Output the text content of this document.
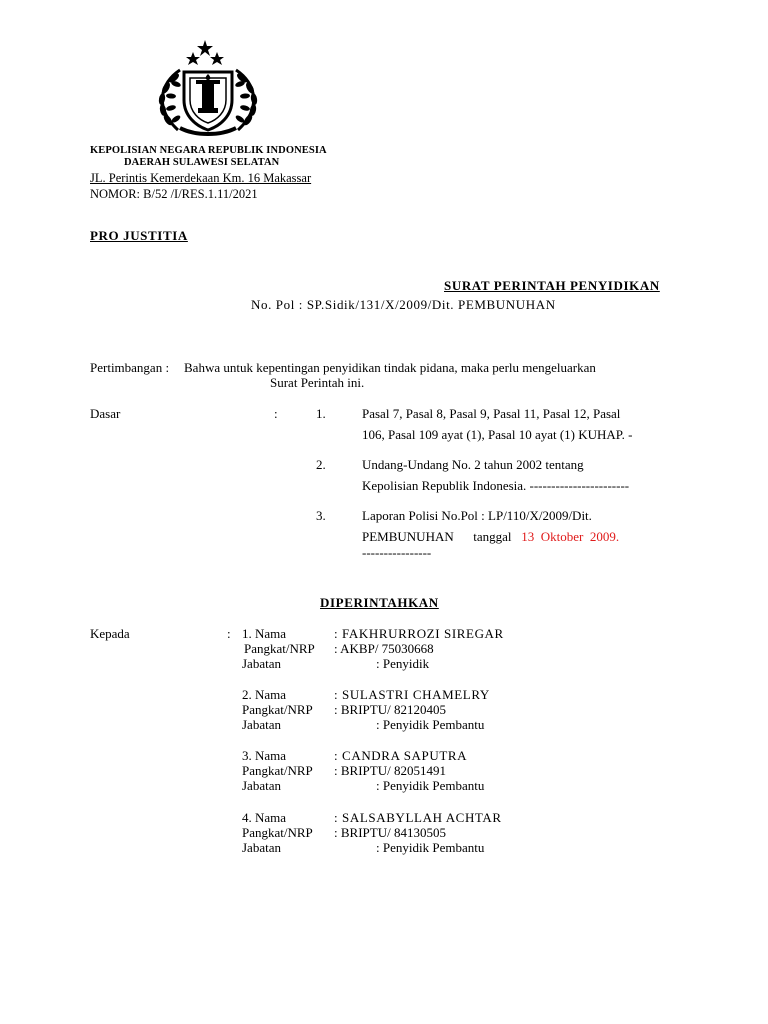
KEPOLISIAN NEGARA REPUBLIK INDONESIA
DAERAH SULAWESI SELATAN
JL. Perintis Kemerdekaan Km. 16 Makassar
NOMOR: B/52 /I/RES.1.11/2021
PRO JUSTITIA
SURAT PERINTAH PENYIDIKAN
No. Pol : SP.Sidik/131/X/2009/Dit. PEMBUNUHAN
Pertimbangan : Bahwa untuk kepentingan penyidikan tindak pidana, maka perlu mengeluarkan
Surat Perintah ini.
Dasar	:	1.	Pasal 7, Pasal 8, Pasal 9, Pasal 11, Pasal 12, Pasal
106, Pasal 109 ayat (1), Pasal 10 ayat (1) KUHAP. -
2.	Undang-Undang No. 2 tahun 2002 tentang
Kepolisian Republik Indonesia. -----------------------
3.	Laporan Polisi No.Pol : LP/110/X/2009/Dit.
PEMBUNUHAN      tanggal   13  Oktober  2009.
----------------
DIPERINTAHKAN
Kepada	: 1. Nama	: FAKHRURROZI SIREGAR
Pangkat/NRP : AKBP/ 75030668
Jabatan	: Penyidik
2. Nama	: SULASTRI CHAMELRY
Pangkat/NRP : BRIPTU/ 82120405
Jabatan	: Penyidik Pembantu
3. Nama	: CANDRA SAPUTRA
Pangkat/NRP : BRIPTU/ 82051491
Jabatan	: Penyidik Pembantu
4. Nama	: SALSABYLLAH ACHTAR
Pangkat/NRP : BRIPTU/ 84130505
Jabatan	: Penyidik Pembantu
